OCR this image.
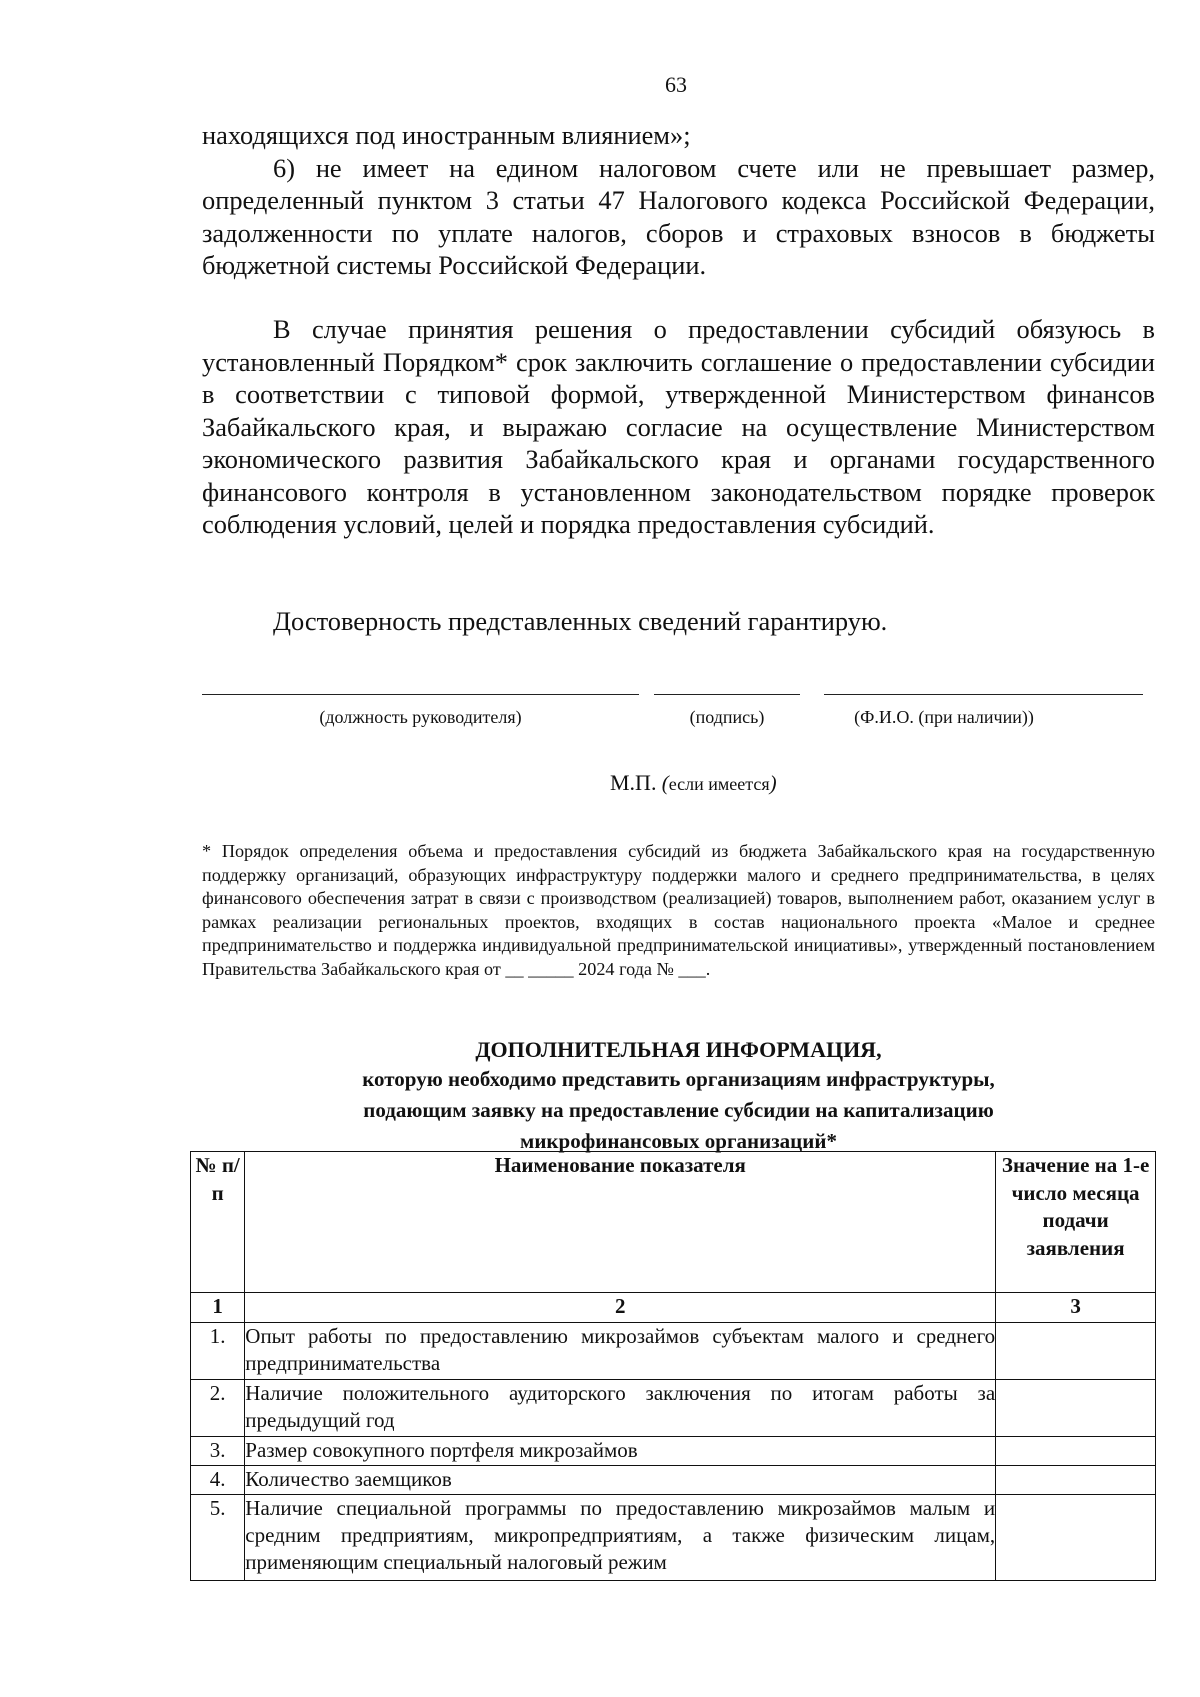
63

находящихся под иностранным влиянием»;

6) не имеет на едином налоговом счете или не превышает размер, определенный пунктом 3 статьи 47 Налогового кодекса Российской Федерации, задолженности по уплате налогов, сборов и страховых взносов в бюджеты бюджетной системы Российской Федерации.

В случае принятия решения о предоставлении субсидий обязуюсь в установленный Порядком* срок заключить соглашение о предоставлении субсидии в соответствии с типовой формой, утвержденной Министерством финансов Забайкальского края, и выражаю согласие на осуществление Министерством экономического развития Забайкальского края и органами государственного финансового контроля в установленном законодательством порядке проверок соблюдения условий, целей и порядка предоставления субсидий.

Достоверность представленных сведений гарантирую.

(должность руководителя)	(подпись)	(Ф.И.О. (при наличии))
М.П. (если имеется)

* Порядок определения объема и предоставления субсидий из бюджета Забайкальского края на государственную поддержку организаций, образующих инфраструктуру поддержки малого и среднего предпринимательства, в целях финансового обеспечения затрат в связи с производством (реализацией) товаров, выполнением работ, оказанием услуг в рамках реализации региональных проектов, входящих в состав национального проекта «Малое и среднее предпринимательство и поддержка индивидуальной предпринимательской инициативы», утвержденный постановлением Правительства Забайкальского края от __ _____ 2024 года № ___.

ДОПОЛНИТЕЛЬНАЯ ИНФОРМАЦИЯ,
которую необходимо представить организациям инфраструктуры,
подающим заявку на предоставление субсидии на капитализацию
микрофинансовых организаций*
№ п/ п	Наименование показателя	Значение на 1-е число месяца подачи заявления
1	2	3
1.	Опыт работы по предоставлению микрозаймов субъектам малого и среднего предпринимательства	
2.	Наличие положительного аудиторского заключения по итогам работы за предыдущий год	
3.	Размер совокупного портфеля микрозаймов	
4.	Количество заемщиков	
5.	Наличие специальной программы по предоставлению микрозаймов малым и средним предприятиям, микропредприятиям, а также физическим лицам, применяющим специальный налоговый режим	
